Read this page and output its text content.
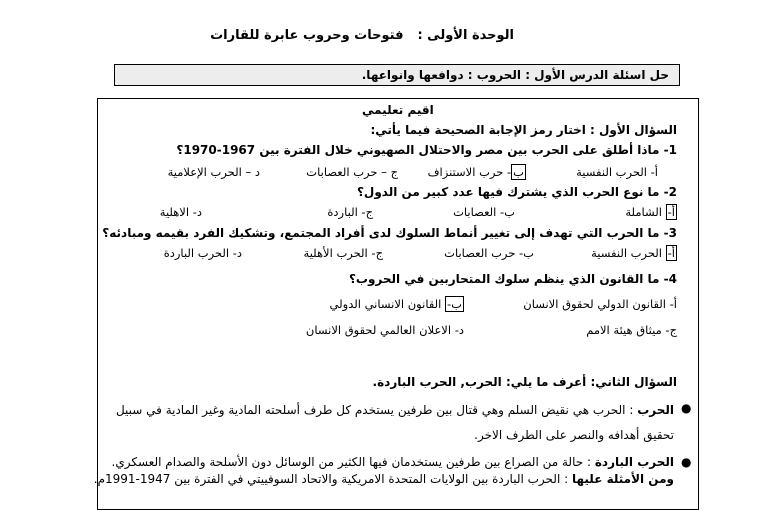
الوحدة الأولى :فتوحات وحروب عابرة للقارات
حل اسئلة الدرس الأول : الحروب : دوافعها وانواعها.
اقيم تعليمي
السؤال الأول : اختار رمز الإجابة الصحيحة فيما يأتي:
1- ماذا أطلق على الحرب بين مصر والاحتلال الصهيوني خلال الفترة بين 1967-1970؟
أ- الحرب النفسية
ب- حرب الاستنزاف
ج – حرب العصابات
د – الحرب الإعلامية
2- ما نوع الحرب الذي يشترك فيها عدد كبير من الدول؟
أ- الشاملة
ب- العصابات
ج- الباردة
د- الاهلية
3- ما الحرب التي تهدف إلى تغيير أنماط السلوك لدى أفراد المجتمع، وتشكيك الفرد بقيمه ومبادئه؟
أ- الحرب النفسية
ب- حرب العصابات
ج- الحرب الأهلية
د- الحرب الباردة
4- ما القانون الذي ينظم سلوك المتحاربين في الحروب؟
أ- القانون الدولي لحقوق الانسان
ب- القانون الانساني الدولي
ج- ميثاق هيئة الامم
د- الاعلان العالمي لحقوق الانسان
السؤال الثاني: أعرف ما يلي: الحرب, الحرب الباردة.
●
الحرب : الحرب هي نقيض السلم وهي قتال بين طرفين يستخدم كل طرف أسلحته المادية وغير المادية في سبيل
تحقيق أهدافه والنصر على الطرف الاخر.
●
الحرب الباردة : حالة من الصراع بين طرفين يستخدمان فيها الكثير من الوسائل دون الأسلحة والصدام العسكري.
ومن الأمثلة عليها : الحرب الباردة بين الولايات المتحدة الامريكية والاتحاد السوفييتي في الفترة بين 1947-1991م.
